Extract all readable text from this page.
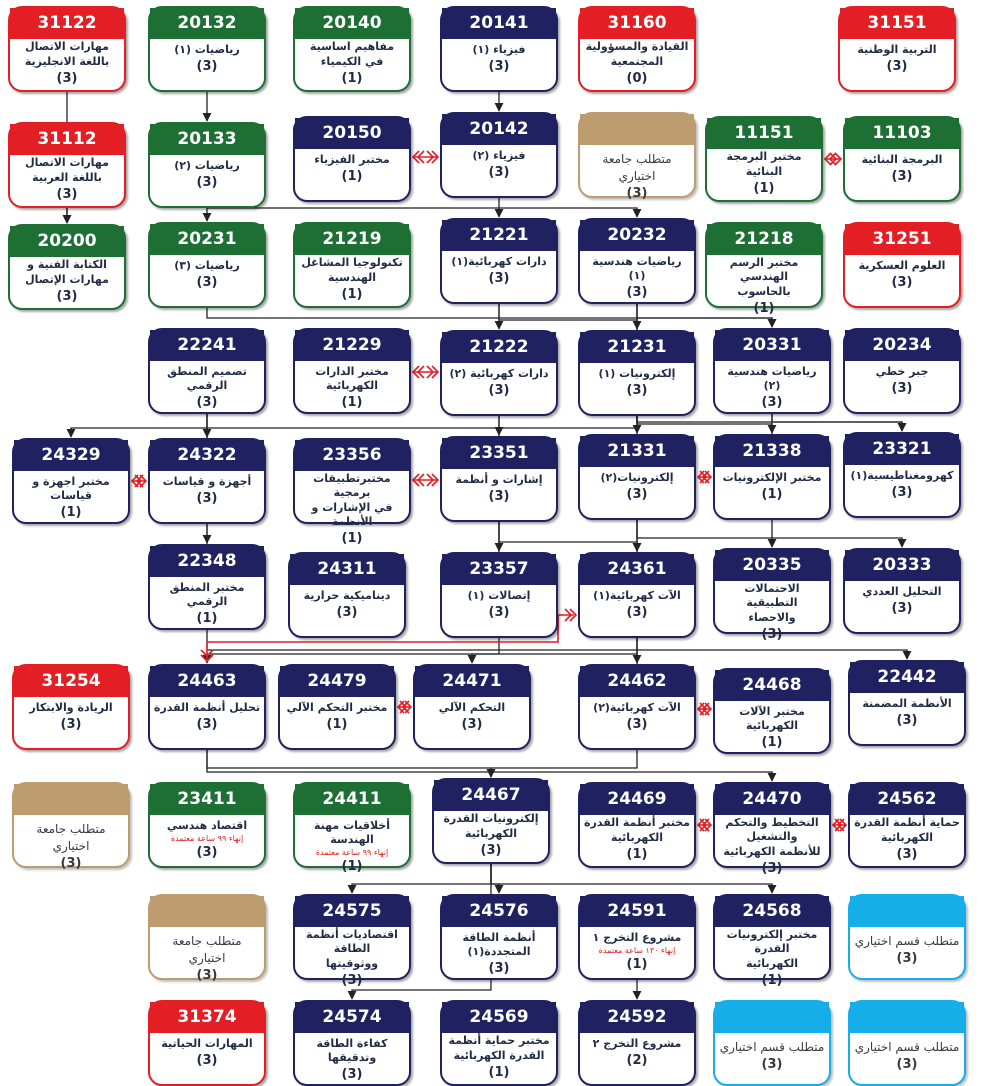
31122
مهارات الاتصال
باللغة الانجليزية
(3)
20132
رياضيات (١)
(3)
20140
مفاهيم اساسية
في الكيمياء
(1)
20141
فيزياء (١)
(3)
31160
القيادة والمسؤولية
المجتمعية
(0)
31151
التربية الوطنية
(3)
31112
مهارات الاتصال
باللغة العربية
(3)
20133
رياضيات (٢)
(3)
20150
مختبر الفيزياء
(1)
20142
فيزياء (٢)
(3)
11151
مختبر البرمجة
البنائية
(1)
11103
البرمجة البنائية
(3)
20200
الكتابة الفنية و
مهارات الإتصال
(3)
20231
رياضيات (٣)
(3)
21219
تكنولوجيا المشاغل
الهندسية
(1)
21221
دارات كهربائية(١)
(3)
20232
رياضيات هندسية (١)
(3)
21218
مختبر الرسم الهندسي
بالحاسوب
(1)
31251
العلوم العسكرية
(3)
22241
تصميم المنطق الرقمي
(3)
21229
مختبر الدارات الكهربائية
(1)
21222
دارات كهربائية (٢)
(3)
21231
إلكترونيات (١)
(3)
20331
رياضيات هندسية (٢)
(3)
20234
جبر خطي
(3)
24329
مختبر اجهزة و قياسات
(1)
24322
أجهزة و قياسات
(3)
23356
مختبرتطبيقات برمجية
في الإشارات و الأنظمة
(1)
23351
إشارات و أنظمة
(3)
21331
إلكترونيات(٢)
(3)
21338
مختبر الإلكترونيات
(1)
23321
كهرومغناطيسية(١)
(3)
22348
مختبر المنطق الرقمي
(1)
24311
ديناميكية حرارية
(3)
23357
إتصالات (١)
(3)
24361
الآت كهربائية(١)
(3)
20335
الاحتمالات التطبيقية
والاحصاء
(3)
20333
التحليل العددي
(3)
31254
الريادة والابتكار
(3)
24463
تحليل أنظمة القدرة
(3)
24479
مختبر التحكم الآلي
(1)
24471
التحكم الآلي
(3)
24462
الآت كهربائية(٢)
(3)
24468
مختبر الآلات الكهربائية
(1)
22442
الأنظمة المضمنة
(3)
23411
اقتصاد هندسي
إنهاء ٩٩ ساعة معتمدة
(3)
24411
أخلاقيات مهنة الهندسة
إنهاء ٩٩ ساعة معتمدة
(1)
24467
إلكترونيات القدرة
الكهربائية
(3)
24469
مختبر أنظمة القدرة
الكهربائية
(1)
24470
التخطيط والتحكم والتشغيل
للأنظمة الكهربائية
(3)
24562
حماية أنظمة القدرة
الكهربائية
(3)
24575
اقتصاديات أنظمة الطاقة
ووثوقيتها
(3)
24576
أنظمة الطاقة المتجددة(١)
(3)
24591
مشروع التخرج ١
إنهاء ١٣٠ ساعة معتمدة
(1)
24568
مختبر إلكترونيات القدرة
الكهربائية
(1)
31374
المهارات الحياتية
(3)
24574
كفاءة الطاقة وتدقيقها
(3)
24569
مختبر حماية أنظمة
القدرة الكهربائية
(1)
24592
مشروع التخرج ٢
(2)
متطلب جامعة
اختياري
(3)
متطلب جامعة
اختياري
(3)
متطلب جامعة
اختياري
(3)
متطلب قسم اختياري
(3)
متطلب قسم اختياري
(3)
متطلب قسم اختياري
(3)
